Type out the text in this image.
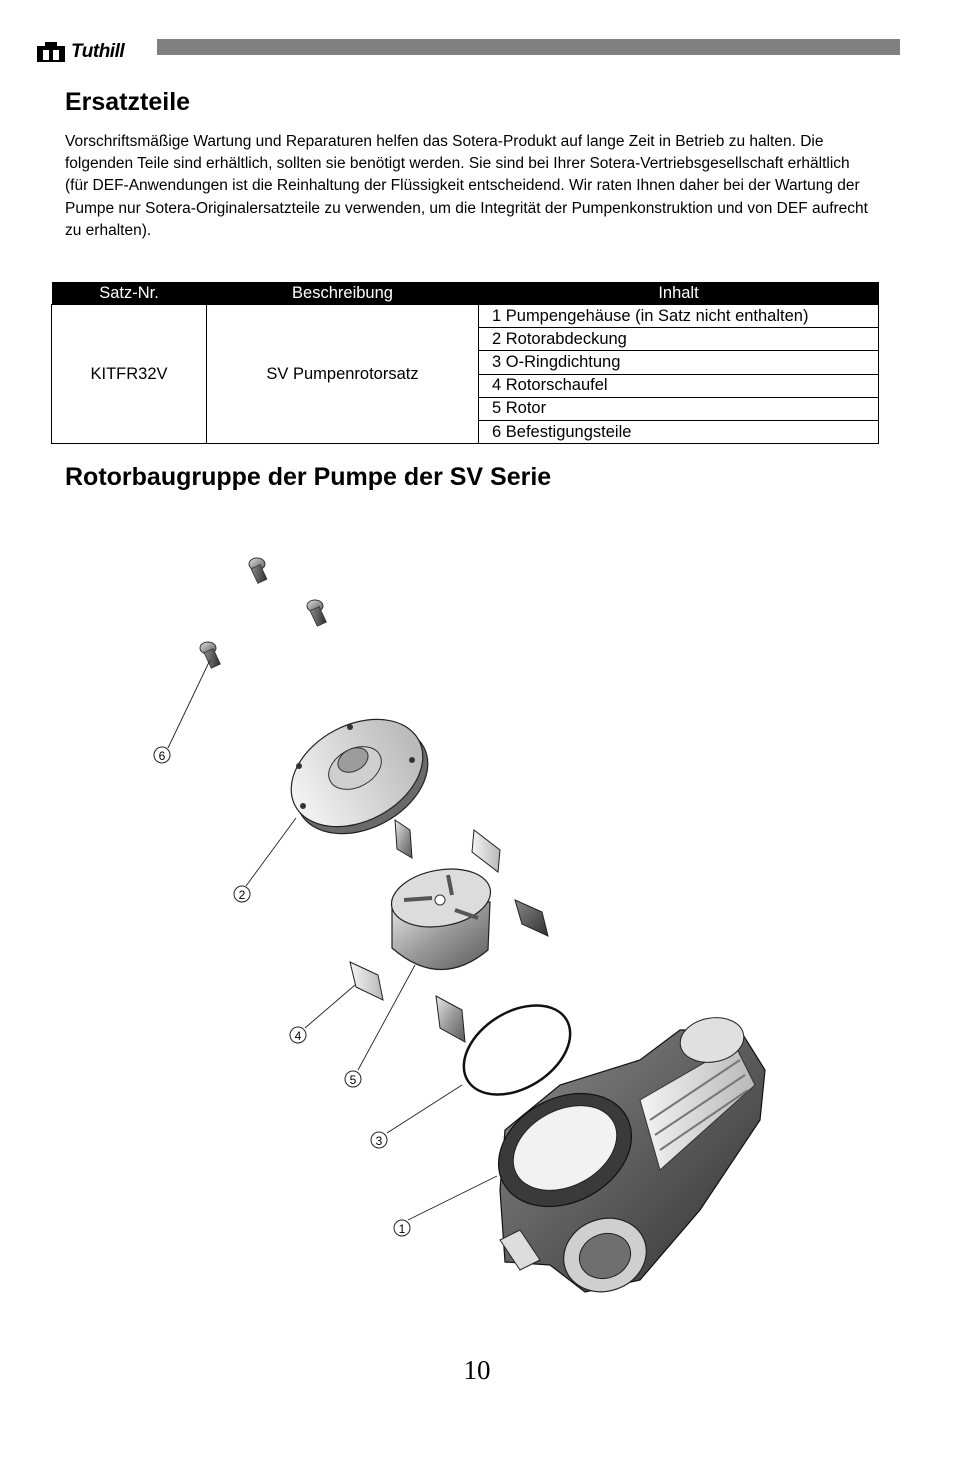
Tuthill
Ersatzteile

Vorschriftsmäßige Wartung und Reparaturen helfen das Sotera-Produkt auf lange Zeit in Betrieb zu halten. Die folgenden Teile sind erhältlich, sollten sie benötigt werden. Sie sind bei Ihrer Sotera-Vertriebsgesellschaft erhältlich (für DEF-Anwendungen ist die Reinhaltung der Flüssigkeit entscheidend. Wir raten Ihnen daher bei der Wartung der Pumpe nur Sotera-Originalersatzteile zu verwenden, um die Integrität der Pumpenkonstruktion und von DEF aufrecht zu erhalten).

Satz-Nr.	Beschreibung	Inhalt
KITFR32V	SV Pumpenrotorsatz	1 Pumpengehäuse (in Satz nicht enthalten)
		2 Rotorabdeckung
		3 O-Ringdichtung
		4 Rotorschaufel
		5 Rotor
		6 Befestigungsteile
Rotorbaugruppe der Pumpe der SV Serie
6
2
4
5
3
1
10
